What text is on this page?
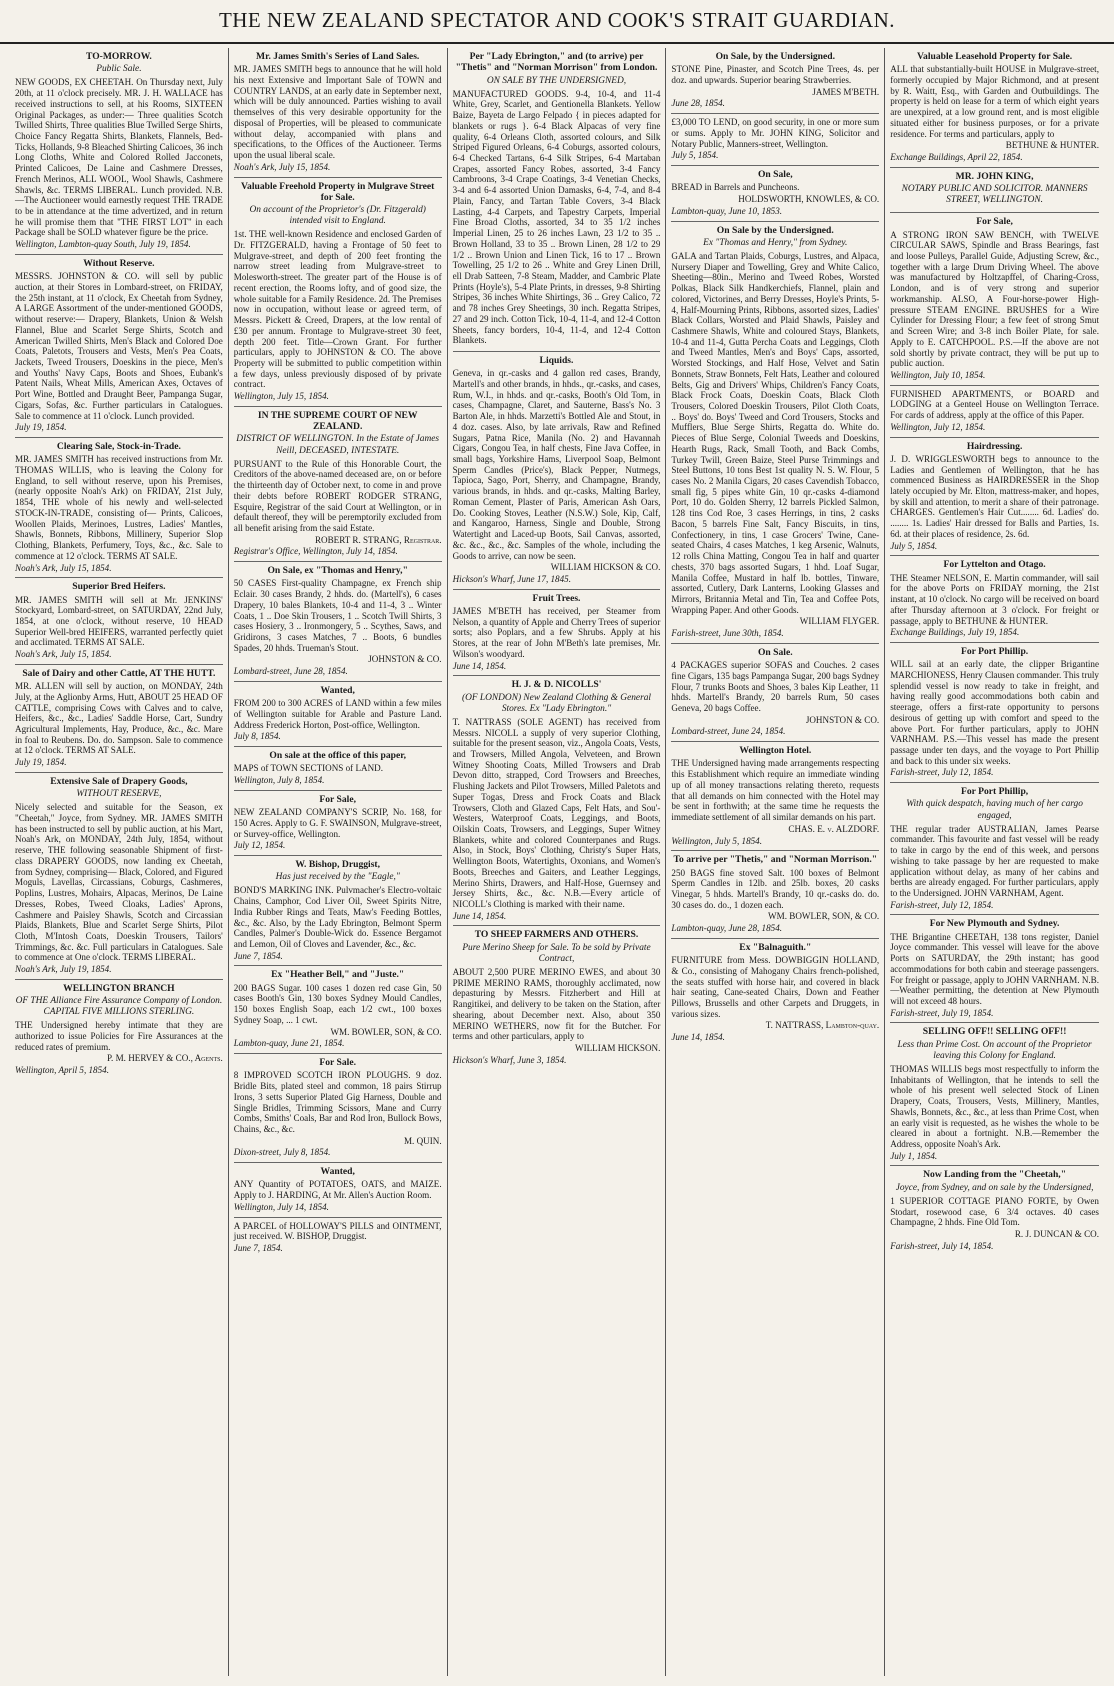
THE NEW ZEALAND SPECTATOR AND COOK'S STRAIT GUARDIAN.
TO-MORROW.
Public Sale.

NEW GOODS, EX CHEETAH. On Thursday next, July 20th, at 11 o'clock precisely. MR. J. H. WALLACE has received instructions to sell, at his Rooms, SIXTEEN Original Packages, as under:— Three qualities Scotch Twilled Shirts, Three qualities Blue Twilled Serge Shirts, Choice Fancy Regatta Shirts, Blankets, Flannels, Bed-Ticks, Hollands, 9-8 Bleached Shirting Calicoes, 36 inch Long Cloths, White and Colored Rolled Jacconets, Printed Calicoes, De Laine and Cashmere Dresses, French Merinos, ALL WOOL, Wool Shawls, Cashmere Shawls, &c. TERMS LIBERAL. Lunch provided. N.B.—The Auctioneer would earnestly request THE TRADE to be in attendance at the time advertized, and in return he will promise them that "THE FIRST LOT" in each Package shall be SOLD whatever figure be the price.

Wellington, Lambton-quay South, July 19, 1854.

Without Reserve.

MESSRS. JOHNSTON & CO. will sell by public auction, at their Stores in Lombard-street, on FRIDAY, the 25th instant, at 11 o'clock, Ex Cheetah from Sydney, A LARGE Assortment of the under-mentioned GOODS, without reserve:— Drapery, Blankets, Union & Welsh Flannel, Blue and Scarlet Serge Shirts, Scotch and American Twilled Shirts, Men's Black and Colored Doe Coats, Paletots, Trousers and Vests, Men's Pea Coats, Jackets, Tweed Trousers, Doeskins in the piece, Men's and Youths' Navy Caps, Boots and Shoes, Eubank's Patent Nails, Wheat Mills, American Axes, Octaves of Port Wine, Bottled and Draught Beer, Pampanga Sugar, Cigars, Sofas, &c. Further particulars in Catalogues. Sale to commence at 11 o'clock. Lunch provided.

July 19, 1854.

Clearing Sale, Stock-in-Trade.

MR. JAMES SMITH has received instructions from Mr. THOMAS WILLIS, who is leaving the Colony for England, to sell without reserve, upon his Premises, (nearly opposite Noah's Ark) on FRIDAY, 21st July, 1854, THE whole of his newly and well-selected STOCK-IN-TRADE, consisting of— Prints, Calicoes, Woollen Plaids, Merinoes, Lustres, Ladies' Mantles, Shawls, Bonnets, Ribbons, Millinery, Superior Slop Clothing, Blankets, Perfumery, Toys, &c., &c. Sale to commence at 12 o'clock. TERMS AT SALE.

Noah's Ark, July 15, 1854.

Superior Bred Heifers.

MR. JAMES SMITH will sell at Mr. JENKINS' Stockyard, Lombard-street, on SATURDAY, 22nd July, 1854, at one o'clock, without reserve, 10 HEAD Superior Well-bred HEIFERS, warranted perfectly quiet and acclimated. TERMS AT SALE.

Noah's Ark, July 15, 1854.

Sale of Dairy and other Cattle, AT THE HUTT.

MR. ALLEN will sell by auction, on MONDAY, 24th July, at the Aglionby Arms, Hutt, ABOUT 25 HEAD OF CATTLE, comprising Cows with Calves and to calve, Heifers, &c., &c., Ladies' Saddle Horse, Cart, Sundry Agricultural Implements, Hay, Produce, &c., &c. Mare in foal to Reubens. Do. do. Sampson. Sale to commence at 12 o'clock. TERMS AT SALE.

July 19, 1854.

Extensive Sale of Drapery Goods,
WITHOUT RESERVE,

Nicely selected and suitable for the Season, ex "Cheetah," Joyce, from Sydney. MR. JAMES SMITH has been instructed to sell by public auction, at his Mart, Noah's Ark, on MONDAY, 24th July, 1854, without reserve, THE following seasonable Shipment of first-class DRAPERY GOODS, now landing ex Cheetah, from Sydney, comprising— Black, Colored, and Figured Moguls, Lavellas, Circassians, Coburgs, Cashmeres, Poplins, Lustres, Mohairs, Alpacas, Merinos, De Laine Dresses, Robes, Tweed Cloaks, Ladies' Aprons, Cashmere and Paisley Shawls, Scotch and Circassian Plaids, Blankets, Blue and Scarlet Serge Shirts, Pilot Cloth, M'Intosh Coats, Doeskin Trousers, Tailors' Trimmings, &c. &c. Full particulars in Catalogues. Sale to commence at One o'clock. TERMS LIBERAL.

Noah's Ark, July 19, 1854.

WELLINGTON BRANCH
OF THE Alliance Fire Assurance Company of London. CAPITAL FIVE MILLIONS STERLING.

THE Undersigned hereby intimate that they are authorized to issue Policies for Fire Assurances at the reduced rates of premium.

P. M. HERVEY & CO., Agents.

Wellington, April 5, 1854.

Mr. James Smith's Series of Land Sales.

MR. JAMES SMITH begs to announce that he will hold his next Extensive and Important Sale of TOWN and COUNTRY LANDS, at an early date in September next, which will be duly announced. Parties wishing to avail themselves of this very desirable opportunity for the disposal of Properties, will be pleased to communicate without delay, accompanied with plans and specifications, to the Offices of the Auctioneer. Terms upon the usual liberal scale.

Noah's Ark, July 15, 1854.

Valuable Freehold Property in Mulgrave Street for Sale.
On account of the Proprietor's (Dr. Fitzgerald) intended visit to England.

1st. THE well-known Residence and enclosed Garden of Dr. FITZGERALD, having a Frontage of 50 feet to Mulgrave-street, and depth of 200 feet fronting the narrow street leading from Mulgrave-street to Molesworth-street. The greater part of the House is of recent erection, the Rooms lofty, and of good size, the whole suitable for a Family Residence. 2d. The Premises now in occupation, without lease or agreed term, of Messrs. Pickett & Creed, Drapers, at the low rental of £30 per annum. Frontage to Mulgrave-street 30 feet, depth 200 feet. Title—Crown Grant. For further particulars, apply to JOHNSTON & CO. The above Property will be submitted to public competition within a few days, unless previously disposed of by private contract.

Wellington, July 15, 1854.

IN THE SUPREME COURT OF NEW ZEALAND.
DISTRICT OF WELLINGTON. In the Estate of James Neill, DECEASED, INTESTATE.

PURSUANT to the Rule of this Honorable Court, the Creditors of the above-named deceased are, on or before the thirteenth day of October next, to come in and prove their debts before ROBERT RODGER STRANG, Esquire, Registrar of the said Court at Wellington, or in default thereof, they will be peremptorily excluded from all benefit arising from the said Estate.

ROBERT R. STRANG, Registrar.

Registrar's Office, Wellington, July 14, 1854.

On Sale, ex "Thomas and Henry,"

50 CASES First-quality Champagne, ex French ship Eclair. 30 cases Brandy, 2 hhds. do. (Martell's), 6 cases Drapery, 10 bales Blankets, 10-4 and 11-4, 3 .. Winter Coats, 1 .. Doe Skin Trousers, 1 .. Scotch Twill Shirts, 3 cases Hosiery, 3 .. Ironmongery, 5 .. Scythes, Saws, and Gridirons, 3 cases Matches, 7 .. Boots, 6 bundles Spades, 20 hhds. Trueman's Stout.

JOHNSTON & CO.

Lombard-street, June 28, 1854.

Wanted,

FROM 200 to 300 ACRES of LAND within a few miles of Wellington suitable for Arable and Pasture Land. Address Frederick Horton, Post-office, Wellington.

July 8, 1854.

On sale at the office of this paper,

MAPS of TOWN SECTIONS of LAND.

Wellington, July 8, 1854.

For Sale,

NEW ZEALAND COMPANY'S SCRIP, No. 168, for 150 Acres. Apply to G. F. SWAINSON, Mulgrave-street, or Survey-office, Wellington.

July 12, 1854.

W. Bishop, Druggist,
Has just received by the "Eagle,"

BOND'S MARKING INK. Pulvmacher's Electro-voltaic Chains, Camphor, Cod Liver Oil, Sweet Spirits Nitre, India Rubber Rings and Teats, Maw's Feeding Bottles, &c., &c. Also, by the Lady Ebrington, Belmont Sperm Candles, Palmer's Double-Wick do. Essence Bergamot and Lemon, Oil of Cloves and Lavender, &c., &c.

June 7, 1854.

Ex "Heather Bell," and "Juste."

200 BAGS Sugar. 100 cases 1 dozen red case Gin, 50 cases Booth's Gin, 130 boxes Sydney Mould Candles, 150 boxes English Soap, each 1/2 cwt., 100 boxes Sydney Soap, ... 1 cwt.

WM. BOWLER, SON, & CO.

Lambton-quay, June 21, 1854.

For Sale.

8 IMPROVED SCOTCH IRON PLOUGHS. 9 doz. Bridle Bits, plated steel and common, 18 pairs Stirrup Irons, 3 setts Superior Plated Gig Harness, Double and Single Bridles, Trimming Scissors, Mane and Curry Combs, Smiths' Coals, Bar and Rod Iron, Bullock Bows, Chains, &c., &c.

M. QUIN.

Dixon-street, July 8, 1854.

Wanted,

ANY Quantity of POTATOES, OATS, and MAIZE. Apply to J. HARDING, At Mr. Allen's Auction Room.

Wellington, July 14, 1854.

A PARCEL of HOLLOWAY'S PILLS and OINTMENT, just received. W. BISHOP, Druggist.

June 7, 1854.

Per "Lady Ebrington," and (to arrive) per "Thetis" and "Norman Morrison" from London.
ON SALE BY THE UNDERSIGNED,

MANUFACTURED GOODS. 9-4, 10-4, and 11-4 White, Grey, Scarlet, and Gentionella Blankets. Yellow Baize, Bayeta de Largo Felpado { in pieces adapted for blankets or rugs }. 6-4 Black Alpacas of very fine quality, 6-4 Orleans Cloth, assorted colours, and Silk Striped Figured Orleans, 6-4 Coburgs, assorted colours, 6-4 Checked Tartans, 6-4 Silk Stripes, 6-4 Martaban Crapes, assorted Fancy Robes, assorted, 3-4 Fancy Cambroons, 3-4 Crape Coatings, 3-4 Venetian Checks, 3-4 and 6-4 assorted Union Damasks, 6-4, 7-4, and 8-4 Plain, Fancy, and Tartan Table Covers, 3-4 Black Lasting, 4-4 Carpets, and Tapestry Carpets, Imperial Fine Broad Cloths, assorted, 34 to 35 1/2 inches Imperial Linen, 25 to 26 inches Lawn, 23 1/2 to 35 .. Brown Holland, 33 to 35 .. Brown Linen, 28 1/2 to 29 1/2 .. Brown Union and Linen Tick, 16 to 17 .. Brown Towelling, 25 1/2 to 26 .. White and Grey Linen Drill, ell Drab Satteen, 7-8 Steam, Madder, and Cambric Plate Prints (Hoyle's), 5-4 Plate Prints, in dresses, 9-8 Shirting Stripes, 36 inches White Shirtings, 36 .. Grey Calico, 72 and 78 inches Grey Sheetings, 30 inch. Regatta Stripes, 27 and 29 inch. Cotton Tick, 10-4, 11-4, and 12-4 Cotton Sheets, fancy borders, 10-4, 11-4, and 12-4 Cotton Blankets.

Liquids.

Geneva, in qr.-casks and 4 gallon red cases, Brandy, Martell's and other brands, in hhds., qr.-casks, and cases, Rum, W.I., in hhds. and qr.-casks, Booth's Old Tom, in cases, Champagne, Claret, and Sauterne, Bass's No. 3 Barton Ale, in hhds. Marzetti's Bottled Ale and Stout, in 4 doz. cases. Also, by late arrivals, Raw and Refined Sugars, Patna Rice, Manila (No. 2) and Havannah Cigars, Congou Tea, in half chests, Fine Java Coffee, in small bags, Yorkshire Hams, Liverpool Soap, Belmont Sperm Candles (Price's), Black Pepper, Nutmegs, Tapioca, Sago, Port, Sherry, and Champagne, Brandy, various brands, in hhds. and qr.-casks, Malting Barley, Roman Cement, Plaster of Paris, American Ash Oars, Do. Cooking Stoves, Leather (N.S.W.) Sole, Kip, Calf, and Kangaroo, Harness, Single and Double, Strong Watertight and Laced-up Boots, Sail Canvas, assorted, &c. &c., &c., &c. Samples of the whole, including the Goods to arrive, can now be seen.

WILLIAM HICKSON & CO.

Hickson's Wharf, June 17, 1845.

Fruit Trees.

JAMES M'BETH has received, per Steamer from Nelson, a quantity of Apple and Cherry Trees of superior sorts; also Poplars, and a few Shrubs. Apply at his Stores, at the rear of John M'Beth's late premises, Mr. Wilson's woodyard.

June 14, 1854.

H. J. & D. NICOLLS'
(OF LONDON) New Zealand Clothing & General Stores. Ex "Lady Ebrington."

T. NATTRASS (SOLE AGENT) has received from Messrs. NICOLL a supply of very superior Clothing, suitable for the present season, viz., Angola Coats, Vests, and Trowsers, Milled Angola, Velveteen, and Brown Witney Shooting Coats, Milled Trowsers and Drab Devon ditto, strapped, Cord Trowsers and Breeches, Flushing Jackets and Pilot Trowsers, Milled Paletots and Super Togas, Dress and Frock Coats and Black Trowsers, Cloth and Glazed Caps, Felt Hats, and Sou'-Westers, Waterproof Coats, Leggings, and Boots, Oilskin Coats, Trowsers, and Leggings, Super Witney Blankets, white and colored Counterpanes and Rugs. Also, in Stock, Boys' Clothing, Christy's Super Hats, Wellington Boots, Watertights, Oxonians, and Women's Boots, Breeches and Gaiters, and Leather Leggings, Merino Shirts, Drawers, and Half-Hose, Guernsey and Jersey Shirts, &c., &c. N.B.—Every article of NICOLL's Clothing is marked with their name.

June 14, 1854.

TO SHEEP FARMERS AND OTHERS.
Pure Merino Sheep for Sale. To be sold by Private Contract,

ABOUT 2,500 PURE MERINO EWES, and about 30 PRIME MERINO RAMS, thoroughly acclimated, now depasturing by Messrs. Fitzherbert and Hill at Rangitikei, and delivery to be taken on the Station, after shearing, about December next. Also, about 350 MERINO WETHERS, now fit for the Butcher. For terms and other particulars, apply to

WILLIAM HICKSON.

Hickson's Wharf, June 3, 1854.

On Sale, by the Undersigned.

STONE Pine, Pinaster, and Scotch Pine Trees, 4s. per doz. and upwards. Superior bearing Strawberries.

JAMES M'BETH.

June 28, 1854.

£3,000 TO LEND, on good security, in one or more sum or sums. Apply to Mr. JOHN KING, Solicitor and Notary Public, Manners-street, Wellington.

July 5, 1854.

On Sale,

BREAD in Barrels and Puncheons.

HOLDSWORTH, KNOWLES, & CO.

Lambton-quay, June 10, 1853.

On Sale by the Undersigned.
Ex "Thomas and Henry," from Sydney.

GALA and Tartan Plaids, Coburgs, Lustres, and Alpaca, Nursery Diaper and Towelling, Grey and White Calico, Sheeting—80in., Merino and Tweed Robes, Worsted Polkas, Black Silk Handkerchiefs, Flannel, plain and colored, Victorines, and Berry Dresses, Hoyle's Prints, 5-4, Half-Mourning Prints, Ribbons, assorted sizes, Ladies' Black Collars, Worsted and Plaid Shawls, Paisley and Cashmere Shawls, White and coloured Stays, Blankets, 10-4 and 11-4, Gutta Percha Coats and Leggings, Cloth and Tweed Mantles, Men's and Boys' Caps, assorted, Worsted Stockings, and Half Hose, Velvet and Satin Bonnets, Straw Bonnets, Felt Hats, Leather and coloured Belts, Gig and Drivers' Whips, Children's Fancy Coats, Black Frock Coats, Doeskin Coats, Black Cloth Trousers, Colored Doeskin Trousers, Pilot Cloth Coats, .. Boys' do. Boys' Tweed and Cord Trousers, Stocks and Mufflers, Blue Serge Shirts, Regatta do. White do. Pieces of Blue Serge, Colonial Tweeds and Doeskins, Hearth Rugs, Rack, Small Tooth, and Back Combs, Turkey Twill, Green Baize, Steel Purse Trimmings and Steel Buttons, 10 tons Best 1st quality N. S. W. Flour, 5 cases No. 2 Manila Cigars, 20 cases Cavendish Tobacco, small fig, 5 pipes white Gin, 10 qr.-casks 4-diamond Port, 10 do. Golden Sherry, 12 barrels Pickled Salmon, 128 tins Cod Roe, 3 cases Herrings, in tins, 2 casks Bacon, 5 barrels Fine Salt, Fancy Biscuits, in tins, Confectionery, in tins, 1 case Grocers' Twine, Cane-seated Chairs, 4 cases Matches, 1 keg Arsenic, Walnuts, 12 rolls China Matting, Congou Tea in half and quarter chests, 370 bags assorted Sugars, 1 hhd. Loaf Sugar, Manila Coffee, Mustard in half lb. bottles, Tinware, assorted, Cutlery, Dark Lanterns, Looking Glasses and Mirrors, Britannia Metal and Tin, Tea and Coffee Pots, Wrapping Paper. And other Goods.

WILLIAM FLYGER.

Farish-street, June 30th, 1854.

On Sale.

4 PACKAGES superior SOFAS and Couches. 2 cases fine Cigars, 135 bags Pampanga Sugar, 200 bags Sydney Flour, 7 trunks Boots and Shoes, 3 bales Kip Leather, 11 hhds. Martell's Brandy, 20 barrels Rum, 50 cases Geneva, 20 bags Coffee.

JOHNSTON & CO.

Lombard-street, June 24, 1854.

Wellington Hotel.

THE Undersigned having made arrangements respecting this Establishment which require an immediate winding up of all money transactions relating thereto, requests that all demands on him connected with the Hotel may be sent in forthwith; at the same time he requests the immediate settlement of all similar demands on his part.

CHAS. E. v. ALZDORF.

Wellington, July 5, 1854.

To arrive per "Thetis," and "Norman Morrison."

250 BAGS fine stoved Salt. 100 boxes of Belmont Sperm Candles in 12lb. and 25lb. boxes, 20 casks Vinegar, 5 hhds. Martell's Brandy, 10 qr.-casks do. do. 30 cases do. do., 1 dozen each.

WM. BOWLER, SON, & CO.

Lambton-quay, June 28, 1854.

Ex "Balnaguith."

FURNITURE from Mess. DOWBIGGIN HOLLAND, & Co., consisting of Mahogany Chairs french-polished, the seats stuffed with horse hair, and covered in black hair seating, Cane-seated Chairs, Down and Feather Pillows, Brussells and other Carpets and Druggets, in various sizes.

T. NATTRASS, Lambton-quay.

June 14, 1854.

Valuable Leasehold Property for Sale.

ALL that substantially-built HOUSE in Mulgrave-street, formerly occupied by Major Richmond, and at present by R. Waitt, Esq., with Garden and Outbuildings. The property is held on lease for a term of which eight years are unexpired, at a low ground rent, and is most eligible situated either for business purposes, or for a private residence. For terms and particulars, apply to

BETHUNE & HUNTER.

Exchange Buildings, April 22, 1854.

MR. JOHN KING,
NOTARY PUBLIC AND SOLICITOR. MANNERS STREET, WELLINGTON.
For Sale,

A STRONG IRON SAW BENCH, with TWELVE CIRCULAR SAWS, Spindle and Brass Bearings, fast and loose Pulleys, Parallel Guide, Adjusting Screw, &c., together with a large Drum Driving Wheel. The above was manufactured by Holtzapffel, of Charing-Cross, London, and is of very strong and superior workmanship. ALSO, A Four-horse-power High-pressure STEAM ENGINE. BRUSHES for a Wire Cylinder for Dressing Flour; a few feet of strong Smut and Screen Wire; and 3-8 inch Boiler Plate, for sale. Apply to E. CATCHPOOL. P.S.—If the above are not sold shortly by private contract, they will be put up to public auction.

Wellington, July 10, 1854.

FURNISHED APARTMENTS, or BOARD and LODGING at a Genteel House on Wellington Terrace. For cards of address, apply at the office of this Paper.

Wellington, July 12, 1854.

Hairdressing.

J. D. WRIGGLESWORTH begs to announce to the Ladies and Gentlemen of Wellington, that he has commenced Business as HAIRDRESSER in the Shop lately occupied by Mr. Elton, mattress-maker, and hopes, by skill and attention, to merit a share of their patronage. CHARGES. Gentlemen's Hair Cut........ 6d. Ladies' do. ........ 1s. Ladies' Hair dressed for Balls and Parties, 1s. 6d. at their places of residence, 2s. 6d.

July 5, 1854.

For Lyttelton and Otago.

THE Steamer NELSON, E. Martin commander, will sail for the above Ports on FRIDAY morning, the 21st instant, at 10 o'clock. No cargo will be received on board after Thursday afternoon at 3 o'clock. For freight or passage, apply to BETHUNE & HUNTER.

Exchange Buildings, July 19, 1854.

For Port Phillip.

WILL sail at an early date, the clipper Brigantine MARCHIONESS, Henry Clausen commander. This truly splendid vessel is now ready to take in freight, and having really good accommodations both cabin and steerage, offers a first-rate opportunity to persons desirous of getting up with comfort and speed to the above Port. For further particulars, apply to JOHN VARNHAM. P.S.—This vessel has made the present passage under ten days, and the voyage to Port Phillip and back to this under six weeks.

Farish-street, July 12, 1854.

For Port Phillip,
With quick despatch, having much of her cargo engaged,

THE regular trader AUSTRALIAN, James Pearse commander. This favourite and fast vessel will be ready to take in cargo by the end of this week, and persons wishing to take passage by her are requested to make application without delay, as many of her cabins and berths are already engaged. For further particulars, apply to the Undersigned. JOHN VARNHAM, Agent.

Farish-street, July 12, 1854.

For New Plymouth and Sydney.

THE Brigantine CHEETAH, 138 tons register, Daniel Joyce commander. This vessel will leave for the above Ports on SATURDAY, the 29th instant; has good accommodations for both cabin and steerage passengers. For freight or passage, apply to JOHN VARNHAM. N.B.—Weather permitting, the detention at New Plymouth will not exceed 48 hours.

Farish-street, July 19, 1854.

SELLING OFF!! SELLING OFF!!
Less than Prime Cost. On account of the Proprietor leaving this Colony for England.

THOMAS WILLIS begs most respectfully to inform the Inhabitants of Wellington, that he intends to sell the whole of his present well selected Stock of Linen Drapery, Coats, Trousers, Vests, Millinery, Mantles, Shawls, Bonnets, &c., &c., at less than Prime Cost, when an early visit is requested, as he wishes the whole to be cleared in about a fortnight. N.B.—Remember the Address, opposite Noah's Ark.

July 1, 1854.

Now Landing from the "Cheetah,"
Joyce, from Sydney, and on sale by the Undersigned,

1 SUPERIOR COTTAGE PIANO FORTE, by Owen Stodart, rosewood case, 6 3/4 octaves. 40 cases Champagne, 2 hhds. Fine Old Tom.

R. J. DUNCAN & CO.

Farish-street, July 14, 1854.
